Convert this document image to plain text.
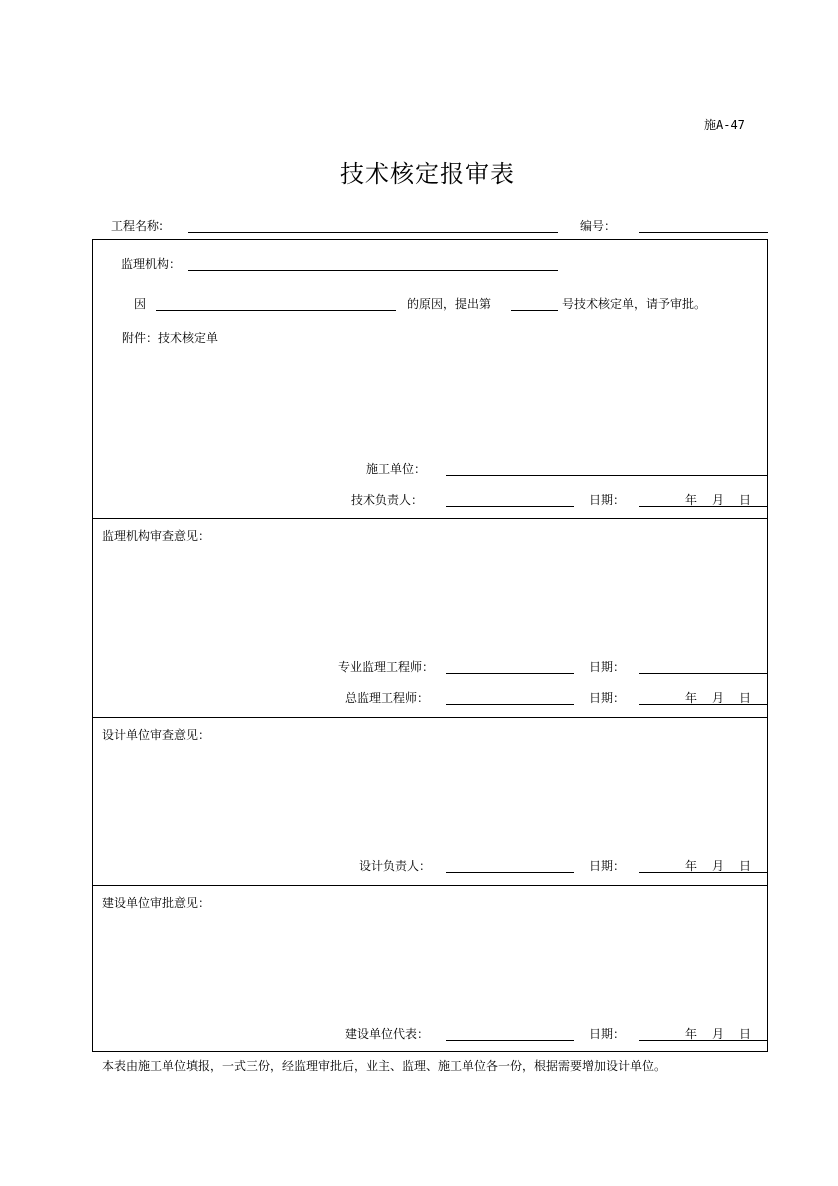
施A-47
技术核定报审表
工程名称:	编号：
监理机构：
因	的原因，提出第	号技术核定单，请予审批。
附件：技术核定单
施工单位：
技术负责人：	日期：	年 月 日
监理机构审查意见：
专业监理工程师：	日期：
总监理工程师：	日期：	年 月 日
设计单位审查意见：
设计负责人：	日期：	年 月 日
建设单位审批意见：
建设单位代表：	日期：	年 月 日
本表由施工单位填报，一式三份，经监理审批后，业主、监理、施工单位各一份，根据需要增加设计单位。
